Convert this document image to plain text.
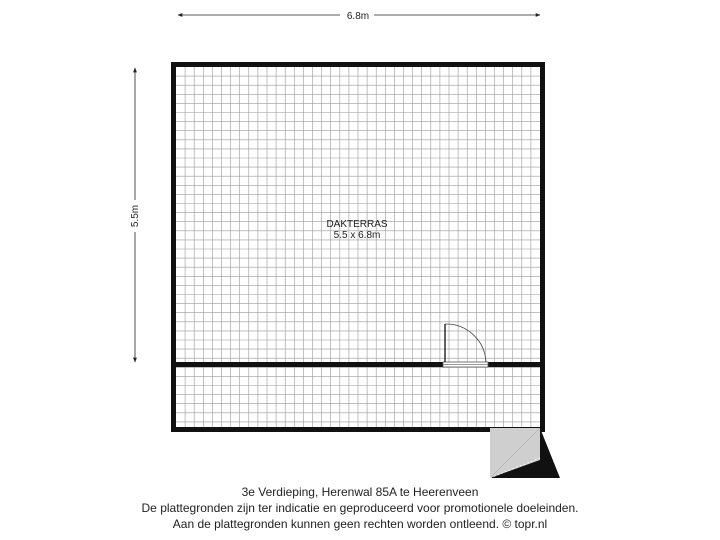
6.8m
5.5m	DAKTERRAS
5.5 x 6.8m
3e Verdieping, Herenwal 85A te Heerenveen
De plattegronden zijn ter indicatie en geproduceerd voor promotionele doeleinden.
Aan de plattegronden kunnen geen rechten worden ontleend. © topr.nl
